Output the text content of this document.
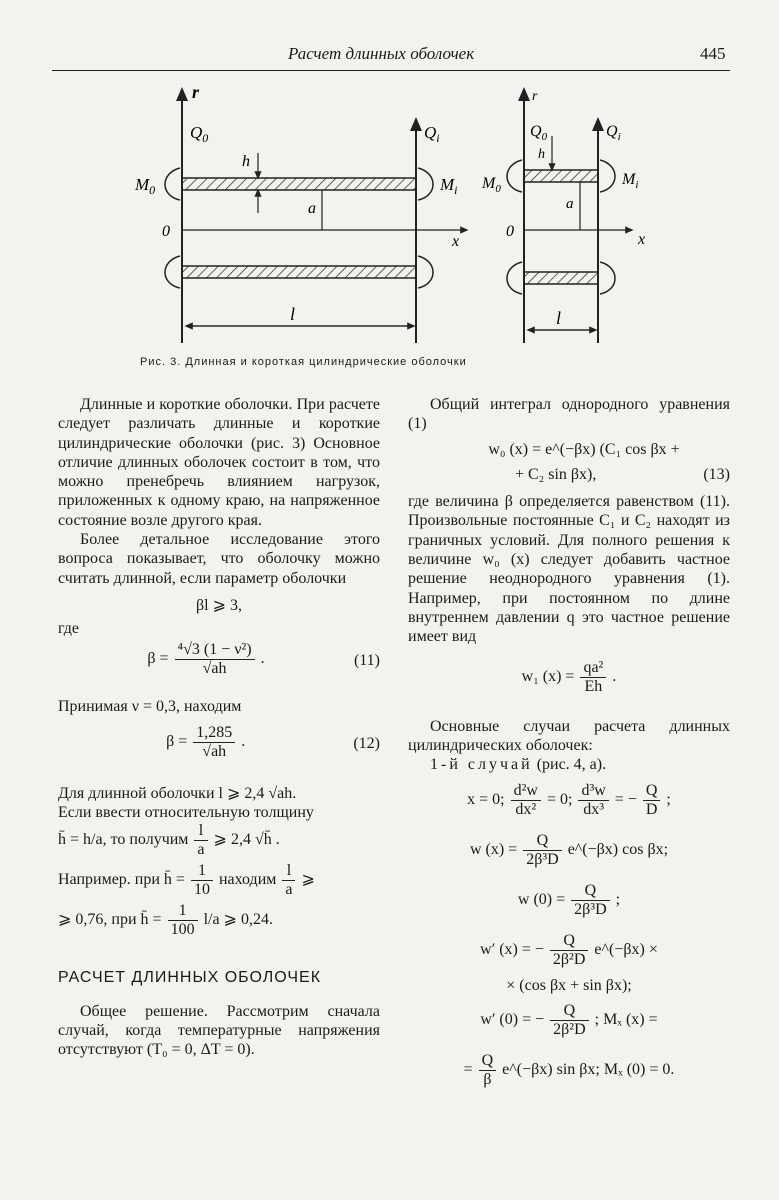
Расчет длинных оболочек	445
r
$Q_0$	$Q_i$
$M_0$	$M_i$
h
a
0
x
l
r
$Q_0$	$Q_i$
$M_0$
$M_i$
h
a
0	x
l
Рис. 3. Длинная и короткая цилиндрические оболочки

Длинные и короткие оболочки. При расчете следует различать длинные и короткие цилиндрические оболочки (рис. 3) Основное отличие длинных оболочек состоит в том, что можно пренебречь влиянием нагрузок, приложенных к одному краю, на напряженное состояние возле другого края.

Более детальное исследование этого вопроса показывает, что оболочку можно считать длинной, если параметр оболочки

βl ⩾ 3,

где

$\beta = \frac{\text{⁴√3 (1 − ν²)}}{√ah}$ .	(11)

Принимая ν = 0,3, находим

$\beta = \frac{1,285}{√ah}$ .	(12)

Для длинной оболочки l ⩾ 2,4 √ah.

Если ввести относительную толщину

h̄ = h/a, то получим $\frac{l}{a}$ ⩾ 2,4 √h̄ .
Например. при h̄ = $\frac{1}{10}$ находим $\frac{l}{a}$ ⩾
⩾ 0,76, при h̄ = $\frac{1}{100} l/a$ ⩾ 0,24.

РАСЧЕТ ДЛИННЫХ ОБОЛОЧЕК

Общее решение. Рассмотрим сначала случай, когда температурные напряжения отсутствуют (T₀ = 0, ΔT = 0).

Общий интеграл однородного уравнения (1)

w₀ (x) = e^(−βx) (C₁ cos βx +

+ C₂ sin βx),	(13)

где величина β определяется равенством (11). Произвольные постоянные C₁ и C₂ находят из граничных условий. Для полного решения к величине w₀ (x) следует добавить частное решение неоднородного уравнения (1). Например, при постоянном по длине внутреннем давлении q это частное решение имеет вид

w₁ $(x) = \frac{\text{qa²}}{Eh}$ .

Основные случаи расчета длинных цилиндрических оболочек:

1-й случай (рис. 4, а).

x = 0; $\frac{\text{d²w}}{\text{dx²}} = 0$; $\frac{\text{d³w}}{\text{dx³}}$ = − $\frac{Q}{D}$ ;
w $(x) = \frac{Q}{\text{2β³D}}$ e^(−βx) cos βx;
w $(0) = \frac{Q}{\text{2β³D}}$ ;
w′ (x) = − $\frac{Q}{\text{2β²D}}$ e^(−βx) ×

× (cos βx + sin βx);

w′ (0) = − $\frac{Q}{\text{2β²D}}$ ; Mₓ (x) =
= $\frac{Q}{\beta}$ e^(−βx) sin βx; Mₓ (0) = 0.
